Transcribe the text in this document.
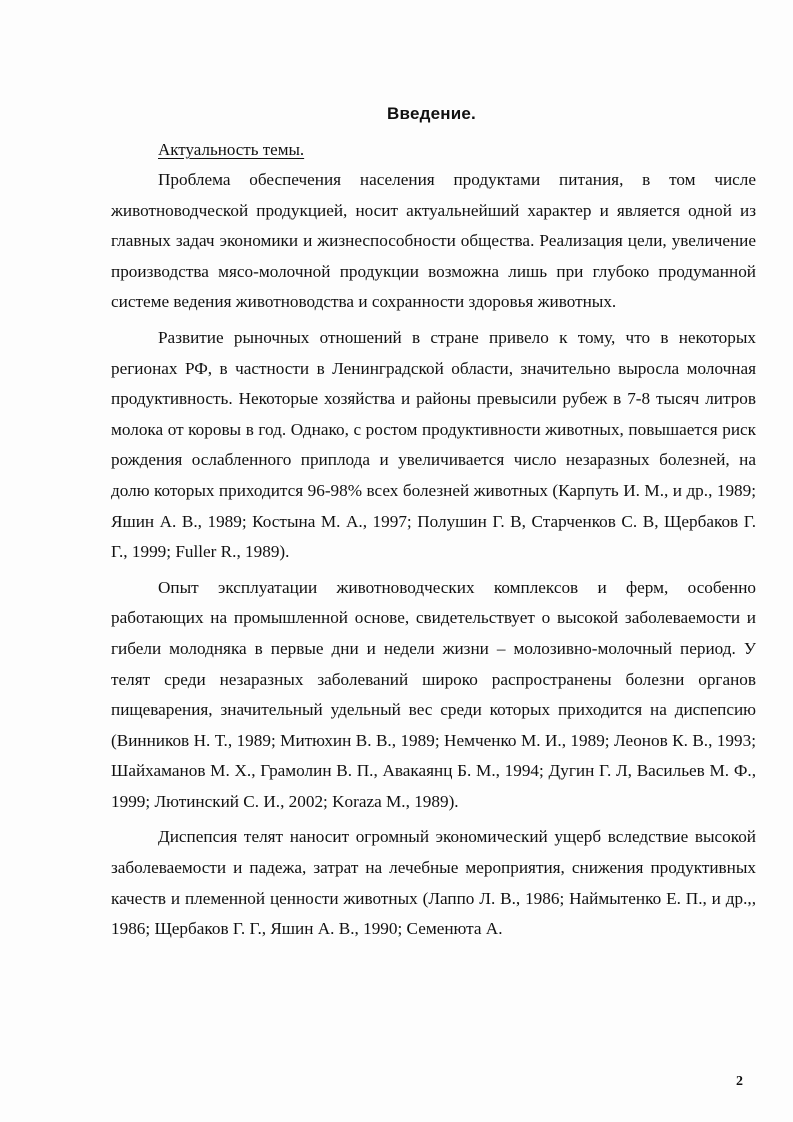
Введение.
Актуальность темы.

Проблема обеспечения населения продуктами питания, в том числе животноводческой продукцией, носит актуальнейший характер и является одной из главных задач экономики и жизнеспособности общества. Реализация цели, увеличение производства мясо-молочной продукции возможна лишь при глубоко продуманной системе ведения животноводства и сохранности здоровья животных.

Развитие рыночных отношений в стране привело к тому, что в некоторых регионах РФ, в частности в Ленинградской области, значительно выросла молочная продуктивность. Некоторые хозяйства и районы превысили рубеж в 7-8 тысяч литров молока от коровы в год. Однако, с ростом продуктивности животных, повышается риск рождения ослабленного приплода и увеличивается число незаразных болезней, на долю которых приходится 96-98% всех болезней животных (Карпуть И. М., и др., 1989; Яшин А. В., 1989; Костына М. А., 1997; Полушин Г. В, Старченков С. В, Щербаков Г. Г., 1999; Fuller R., 1989).

Опыт эксплуатации животноводческих комплексов и ферм, особенно работающих на промышленной основе, свидетельствует о высокой заболеваемости и гибели молодняка в первые дни и недели жизни – молозивно-молочный период. У телят среди незаразных заболеваний широко распространены болезни органов пищеварения, значительный удельный вес среди которых приходится на диспепсию (Винников Н. Т., 1989; Митюхин В. В., 1989; Немченко М. И., 1989; Леонов К. В., 1993; Шайхаманов М. Х., Грамолин В. П., Авакаянц Б. М., 1994; Дугин Г. Л, Васильев М. Ф., 1999; Лютинский С. И., 2002; Koraza M., 1989).

Диспепсия телят наносит огромный экономический ущерб вследствие высокой заболеваемости и падежа, затрат на лечебные мероприятия, снижения продуктивных качеств и племенной ценности животных (Лаппо Л. В., 1986; Наймытенко Е. П., и др.,, 1986; Щербаков Г. Г., Яшин А. В., 1990; Семенюта А.

2
